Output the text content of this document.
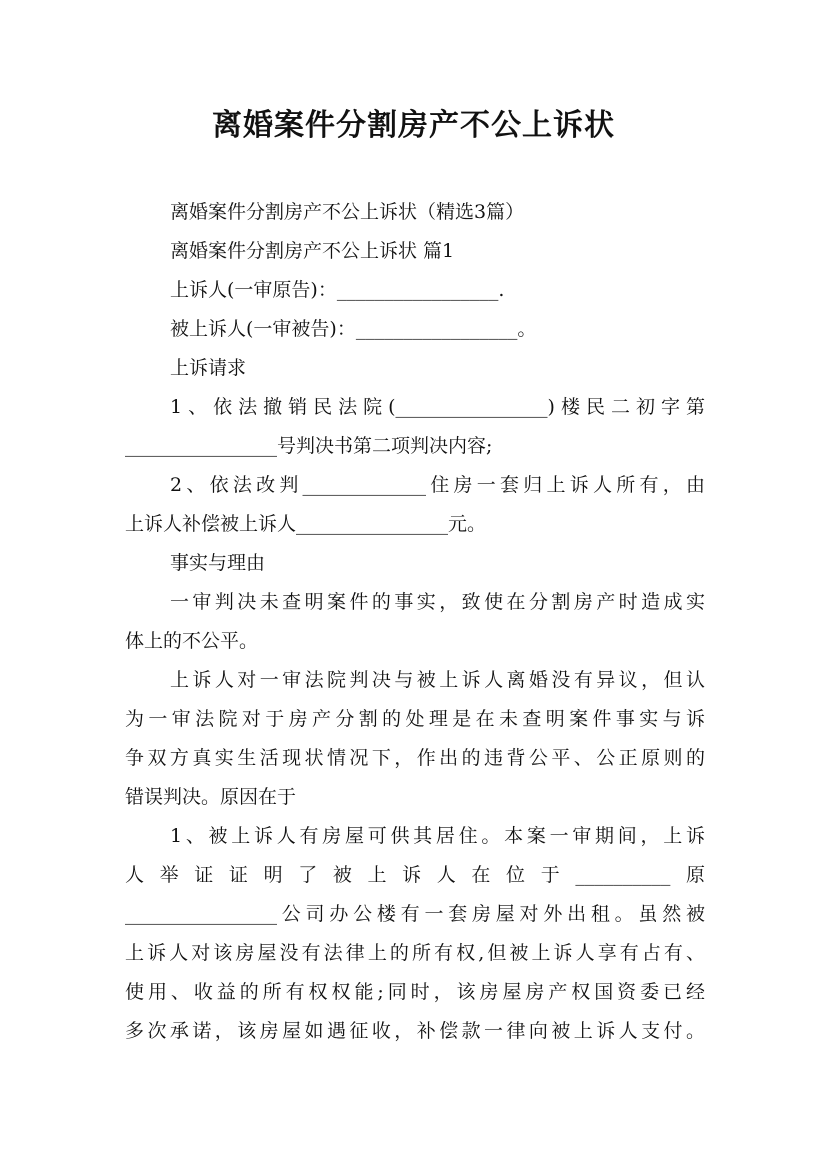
离婚案件分割房产不公上诉状
离婚案件分割房产不公上诉状（精选3篇）
离婚案件分割房产不公上诉状 篇1
上诉人(一审原告)：_________________.
被上诉人(一审被告)：_________________。
上诉请求
1、依法撤销民法院(________________)楼民二初字第
________________号判决书第二项判决内容;
2、依法改判_____________住房一套归上诉人所有，由
上诉人补偿被上诉人________________元。
事实与理由
一审判决未查明案件的事实，致使在分割房产时造成实
体上的不公平。
上诉人对一审法院判决与被上诉人离婚没有异议，但认
为一审法院对于房产分割的处理是在未查明案件事实与诉
争双方真实生活现状情况下，作出的违背公平、公正原则的
错误判决。原因在于
1、被上诉人有房屋可供其居住。本案一审期间，上诉
人举证证明了被上诉人在位于__________原
________________公司办公楼有一套房屋对外出租。虽然被
上诉人对该房屋没有法律上的所有权,但被上诉人享有占有、
使用、收益的所有权权能;同时，该房屋房产权国资委已经
多次承诺，该房屋如遇征收，补偿款一律向被上诉人支付。
